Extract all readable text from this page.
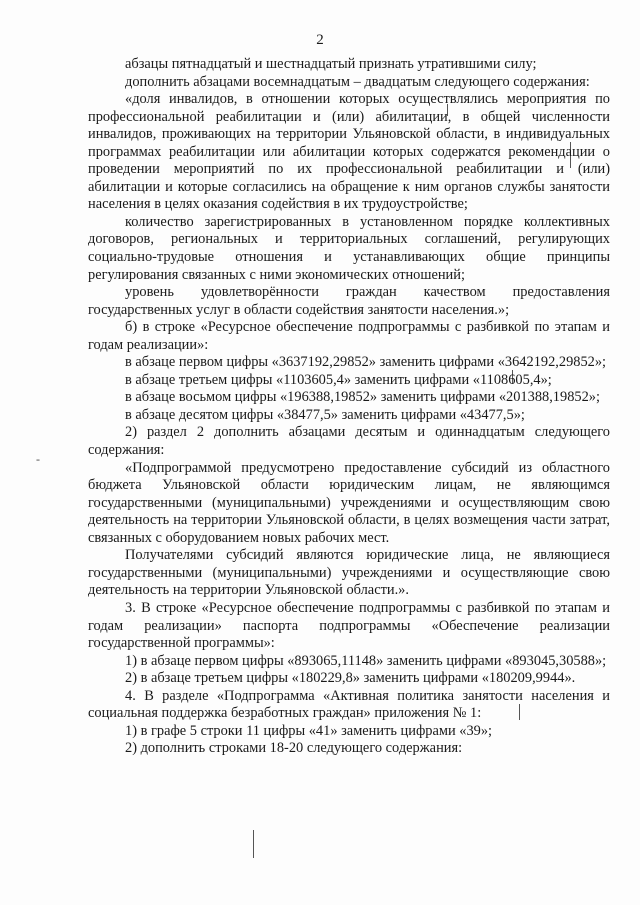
2
-

абзацы пятнадцатый и шестнадцатый признать утратившими силу;

дополнить абзацами восемнадцатым – двадцатым следующего содержания:

«доля инвалидов, в отношении которых осуществлялись мероприятия по профессиональной реабилитации и (или) абилитации, в общей численности инвалидов, проживающих на территории Ульяновской области, в индивидуальных программах реабилитации или абилитации которых содержатся рекомендации о проведении мероприятий по их профессиональной реабилитации и (или) абилитации и которые согласились на обращение к ним органов службы занятости населения в целях оказания содействия в их трудоустройстве;

количество зарегистрированных в установленном порядке коллективных договоров, региональных и территориальных соглашений, регулирующих социально-трудовые отношения и устанавливающих общие принципы регулирования связанных с ними экономических отношений;

уровень удовлетворённости граждан качеством предоставления государственных услуг в области содействия занятости населения.»;

б) в строке «Ресурсное обеспечение подпрограммы с разбивкой по этапам и годам реализации»:

в абзаце первом цифры «3637192,29852» заменить цифрами «3642192,29852»;

в абзаце третьем цифры «1103605,4» заменить цифрами «1108605,4»;

в абзаце восьмом цифры «196388,19852» заменить цифрами «201388,19852»;

в абзаце десятом цифры «38477,5» заменить цифрами «43477,5»;

2) раздел 2 дополнить абзацами десятым и одиннадцатым следующего содержания:

«Подпрограммой предусмотрено предоставление субсидий из областного бюджета Ульяновской области юридическим лицам, не являющимся государственными (муниципальными) учреждениями и осуществляющим свою деятельность на территории Ульяновской области, в целях возмещения части затрат, связанных с оборудованием новых рабочих мест.

Получателями субсидий являются юридические лица, не являющиеся государственными (муниципальными) учреждениями и осуществляющие свою деятельность на территории Ульяновской области.».

3. В строке «Ресурсное обеспечение подпрограммы с разбивкой по этапам и годам реализации» паспорта подпрограммы «Обеспечение реализации государственной программы»:

1) в абзаце первом цифры «893065,11148» заменить цифрами «893045,30588»;

2) в абзаце третьем цифры «180229,8» заменить цифрами «180209,9944».

4. В разделе «Подпрограмма «Активная политика занятости населения и социальная поддержка безработных граждан» приложения № 1:

1) в графе 5 строки 11 цифры «41» заменить цифрами «39»;

2) дополнить строками 18-20 следующего содержания:
